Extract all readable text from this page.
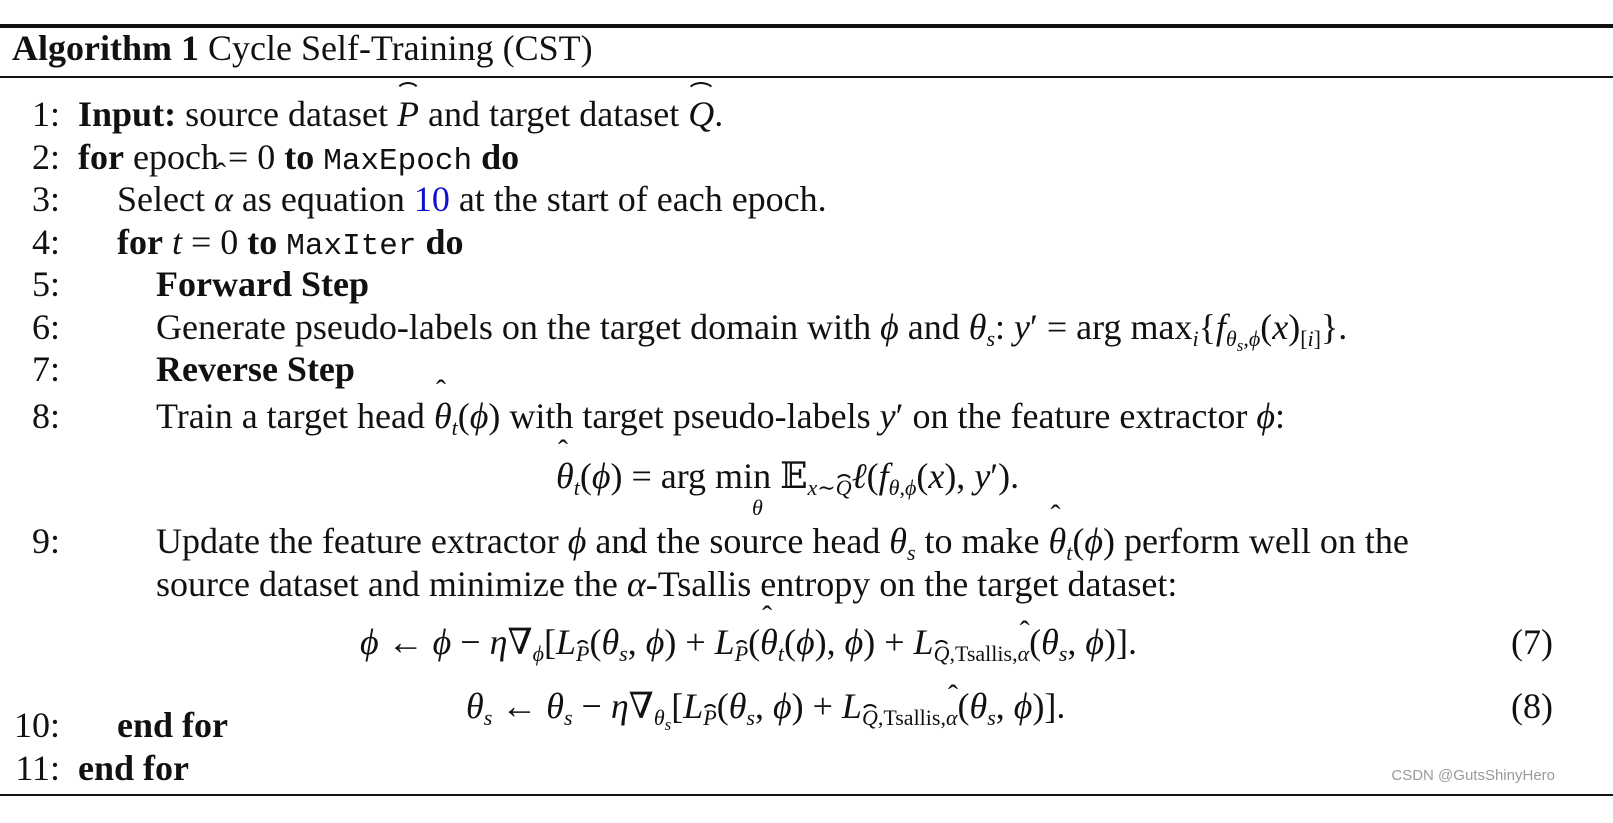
Algorithm 1 Cycle Self-Training (CST)
1: Input: source dataset P and target dataset Q.
2: for epoch = 0 to MaxEpoch do
3: Select ˆ α as equation 10 at the start of each epoch.
4: for t = 0 to MaxIter do
5:	Forward Step
6:	Generate pseudo-labels on the target domain with ϕ and $\theta_s$: y′ = arg $\max_i\{f_{\theta_s,\phi}(x)_{[i]}\}$.
7:	Reverse Step
8:	Train a target head ˆ $\theta_t(\phi)$ with target pseudo-labels y′ on the feature extractor ϕ:
ˆ $\theta_t(\phi)$ = arg $\min 𝔼_{x\sim Q}\ell(f_{\theta,\phi}(x)$, y′).
θ
9:	Update the feature extractor ϕ and the source head $\theta_s$ to make ˆ $\theta_t(\phi)$ perform well on the
source dataset and minimize the ˆ α-Tsallis entropy on the target dataset:
ϕ ← $\phi - \eta\nabla_\phi[L_P(\theta_s$, $\phi) + L_P(ˆ$ $\theta_t(\phi)$, $\phi) + L_{Q,Tsallis,\alpha}(\theta_s$, ϕ)].	(7)
$\theta_s$ ← $\theta_s - \eta\nabla_{\theta_s}[L_P(\theta_s$, $\phi) + L_{Q,Tsallis,\alpha}(\theta_s$, ϕ)].	(8)
10: end for
11: end for	CSDN @GutsShinyHero
